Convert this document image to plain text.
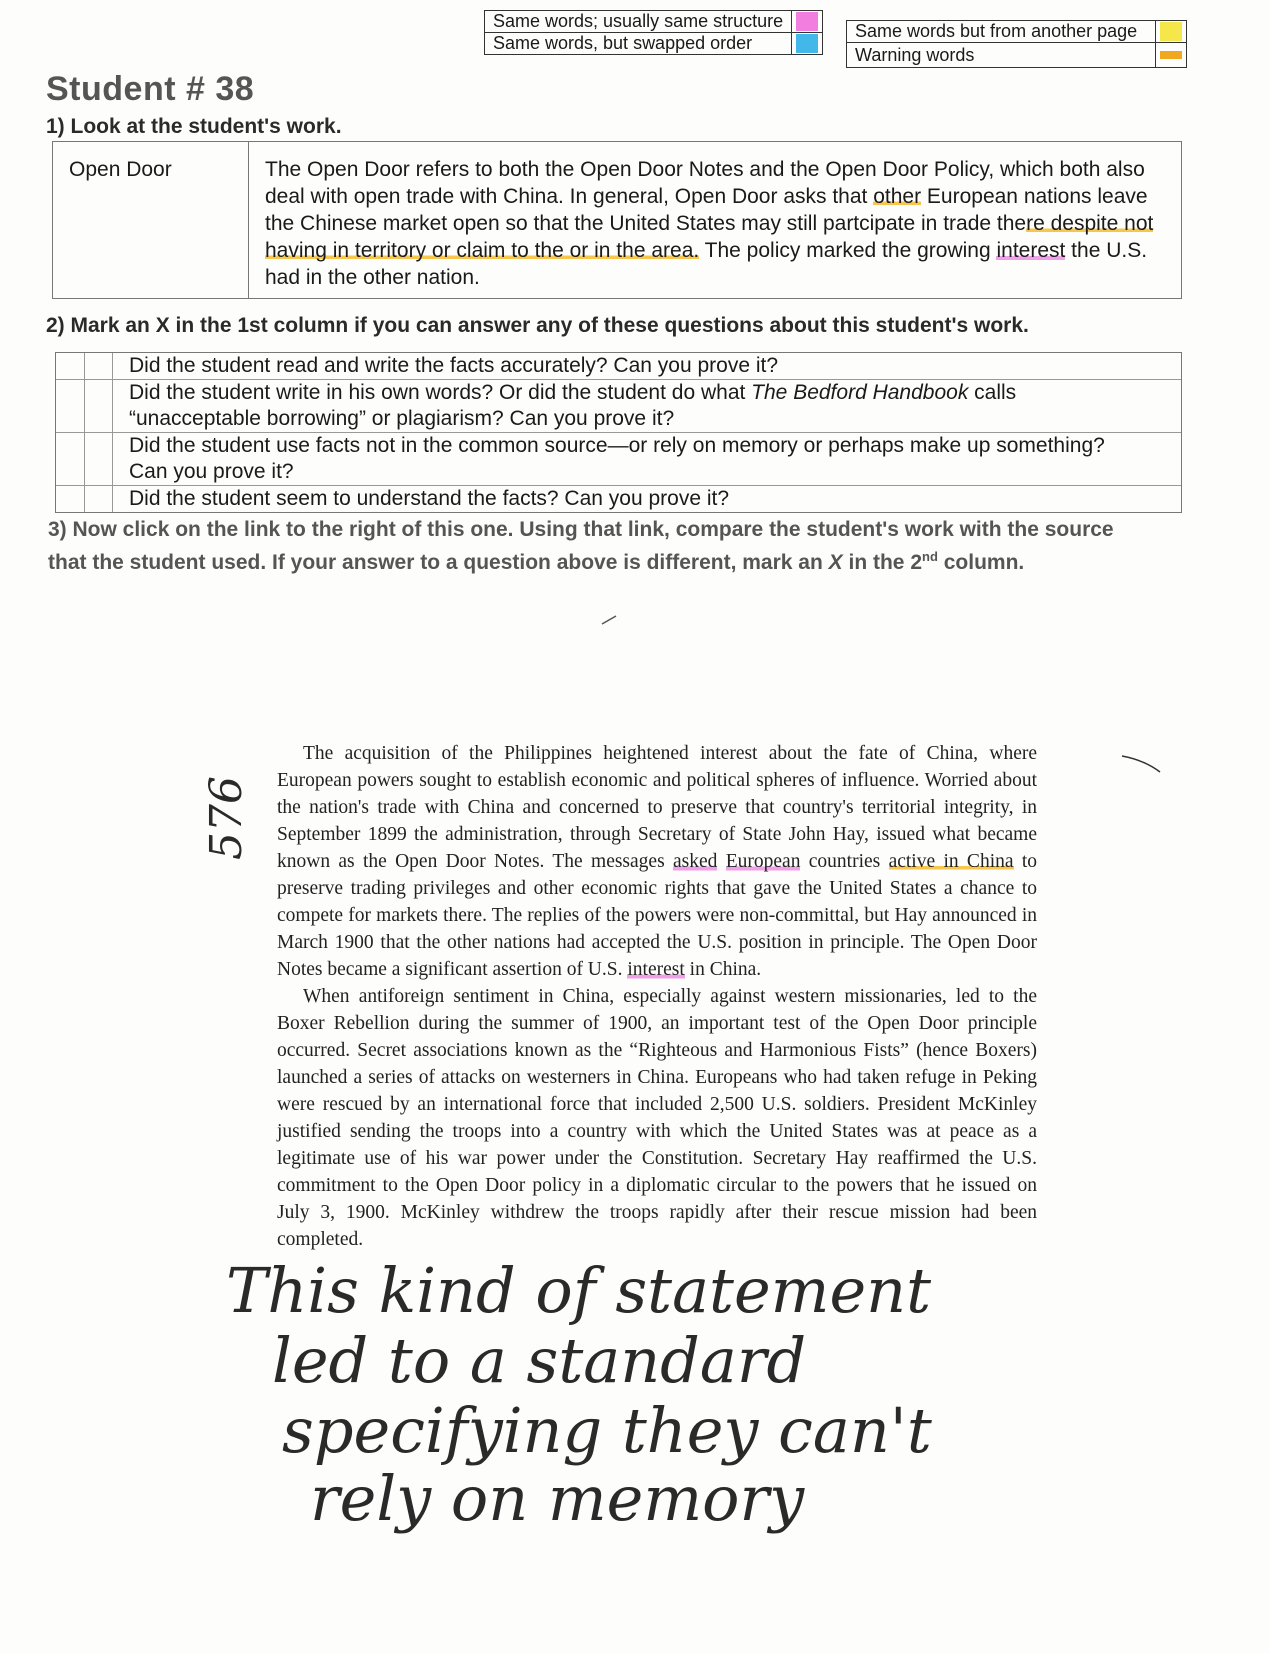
Same words; usually same structure	

Same words, but swapped order	
Same words but from another page	

Warning words	
Student # 38
1) Look at the student's work.
Open Door	The Open Door refers to both the Open Door Notes and the Open Door Policy, which both also deal with open trade with China. In general, Open Door asks that other European nations leave the Chinese market open so that the United States may still partcipate in trade there despite not having in territory or claim to the or in the area. The policy marked the growing interest the U.S. had in the other nation.
2) Mark an X in the 1st column if you can answer any of these questions about this student's work.
Did the student read and write the facts accurately? Can you prove it?
Did the student write in his own words? Or did the student do what The Bedford Handbook calls “unacceptable borrowing” or plagiarism? Can you prove it?
Did the student use facts not in the common source—or rely on memory or perhaps make up something? Can you prove it?
Did the student seem to understand the facts? Can you prove it?
3) Now click on the link to the right of this one. Using that link, compare the student's work with the source that the student used. If your answer to a question above is different, mark an X in the 2nd column.

The acquisition of the Philippines heightened interest about the fate of China, where European powers sought to establish economic and political spheres of influence. Worried about the nation's trade with China and concerned to preserve that country's territorial integrity, in September 1899 the administration, through Secretary of State John Hay, issued what became known as the Open Door Notes. The messages asked European countries active in China to preserve trading privileges and other economic rights that gave the United States a chance to compete for markets there. The replies of the powers were non-committal, but Hay announced in March 1900 that the other nations had accepted the U.S. position in principle. The Open Door Notes became a significant assertion of U.S. interest in China.

When antiforeign sentiment in China, especially against western missionaries, led to the Boxer Rebellion during the summer of 1900, an important test of the Open Door principle occurred. Secret associations known as the “Righteous and Harmonious Fists” (hence Boxers) launched a series of attacks on westerners in China. Europeans who had taken refuge in Peking were rescued by an international force that included 2,500 U.S. soldiers. President McKinley justified sending the troops into a country with which the United States was at peace as a legitimate use of his war power under the Constitution. Secretary Hay reaffirmed the U.S. commitment to the Open Door policy in a diplomatic circular to the powers that he issued on July 3, 1900. McKinley withdrew the troops rapidly after their rescue mission had been completed.

576
This kind of statement
led to a standard
specifying they can't
rely on memory
